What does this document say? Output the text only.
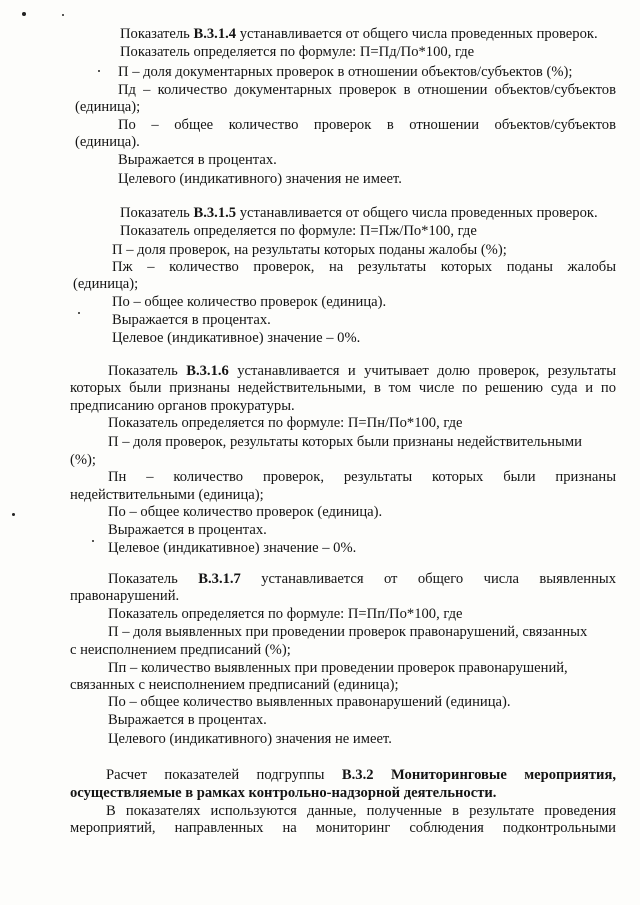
Показатель В.3.1.4 устанавливается от общего числа проведенных проверок.

Показатель определяется по формуле: П=Пд/По*100, где

П – доля документарных проверок в отношении объектов/субъектов (%);

Пд – количество документарных проверок в отношении объектов/субъектов

(единица);

По – общее количество проверок в отношении объектов/субъектов

(единица).

Выражается в процентах.

Целевого (индикативного) значения не имеет.

Показатель В.3.1.5 устанавливается от общего числа проведенных проверок.

Показатель определяется по формуле: П=Пж/По*100, где

П – доля проверок, на результаты которых поданы жалобы (%);

Пж – количество проверок, на результаты которых поданы жалобы

(единица);

По – общее количество проверок (единица).

Выражается в процентах.

Целевое (индикативное) значение – 0%.

Показатель В.3.1.6 устанавливается и учитывает долю проверок, результаты

которых были признаны недействительными, в том числе по решению суда и по

предписанию органов прокуратуры.

Показатель определяется по формуле: П=Пн/По*100, где

П – доля проверок, результаты которых были признаны недействительными

(%);

Пн – количество проверок, результаты которых были признаны

недействительными (единица);

По – общее количество проверок (единица).

Выражается в процентах.

Целевое (индикативное) значение – 0%.

Показатель В.3.1.7 устанавливается от общего числа выявленных

правонарушений.

Показатель определяется по формуле: П=Пп/По*100, где

П – доля выявленных при проведении проверок правонарушений, связанных

с неисполнением предписаний (%);

Пп – количество выявленных при проведении проверок правонарушений,

связанных с неисполнением предписаний (единица);

По – общее количество выявленных правонарушений (единица).

Выражается в процентах.

Целевого (индикативного) значения не имеет.

Расчет показателей подгруппы В.3.2 Мониторинговые мероприятия,

осуществляемые в рамках контрольно-надзорной деятельности.

В показателях используются данные, полученные в результате проведения

мероприятий, направленных на мониторинг соблюдения подконтрольными
